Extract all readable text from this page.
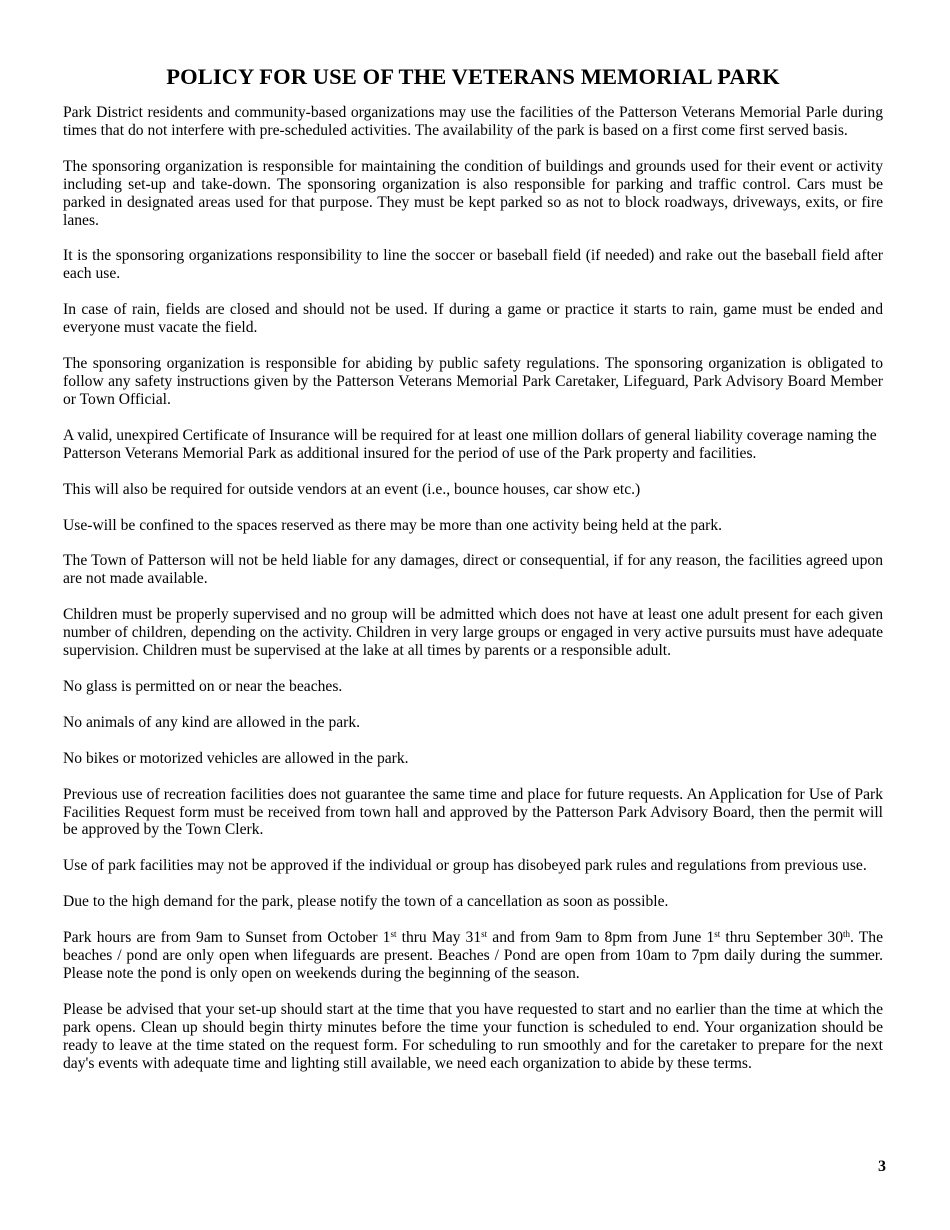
POLICY FOR USE OF THE VETERANS MEMORIAL PARK

Park District residents and community-based organizations may use the facilities of the Patterson Veterans Memorial Parle during times that do not interfere with pre-scheduled activities. The availability of the park is based on a first come first served basis.

The sponsoring organization is responsible for maintaining the condition of buildings and grounds used for their event or activity including set-up and take-down. The sponsoring organization is also responsible for parking and traffic control. Cars must be parked in designated areas used for that purpose. They must be kept parked so as not to block roadways, driveways, exits, or fire lanes.

It is the sponsoring organizations responsibility to line the soccer or baseball field (if needed) and rake out the baseball field after each use.

In case of rain, fields are closed and should not be used. If during a game or practice it starts to rain, game must be ended and everyone must vacate the field.

The sponsoring organization is responsible for abiding by public safety regulations. The sponsoring organization is obligated to follow any safety instructions given by the Patterson Veterans Memorial Park Caretaker, Lifeguard, Park Advisory Board Member or Town Official.

A valid, unexpired Certificate of Insurance will be required for at least one million dollars of general liability coverage naming the Patterson Veterans Memorial Park as additional insured for the period of use of the Park property and facilities.

This will also be required for outside vendors at an event (i.e., bounce houses, car show etc.)

Use-will be confined to the spaces reserved as there may be more than one activity being held at the park.

The Town of Patterson will not be held liable for any damages, direct or consequential, if for any reason, the facilities agreed upon are not made available.

Children must be properly supervised and no group will be admitted which does not have at least one adult present for each given number of children, depending on the activity. Children in very large groups or engaged in very active pursuits must have adequate supervision. Children must be supervised at the lake at all times by parents or a responsible adult.

No glass is permitted on or near the beaches.

No animals of any kind are allowed in the park.

No bikes or motorized vehicles are allowed in the park.

Previous use of recreation facilities does not guarantee the same time and place for future requests. An Application for Use of Park Facilities Request form must be received from town hall and approved by the Patterson Park Advisory Board, then the permit will be approved by the Town Clerk.

Use of park facilities may not be approved if the individual or group has disobeyed park rules and regulations from previous use.

Due to the high demand for the park, please notify the town of a cancellation as soon as possible.

Park hours are from 9am to Sunset from October 1st thru May 31st and from 9am to 8pm from June 1st thru September 30th. The beaches / pond are only open when lifeguards are present. Beaches / Pond are open from 10am to 7pm daily during the summer. Please note the pond is only open on weekends during the beginning of the season.

Please be advised that your set-up should start at the time that you have requested to start and no earlier than the time at which the park opens. Clean up should begin thirty minutes before the time your function is scheduled to end. Your organization should be ready to leave at the time stated on the request form. For scheduling to run smoothly and for the caretaker to prepare for the next day's events with adequate time and lighting still available, we need each organization to abide by these terms.

3
